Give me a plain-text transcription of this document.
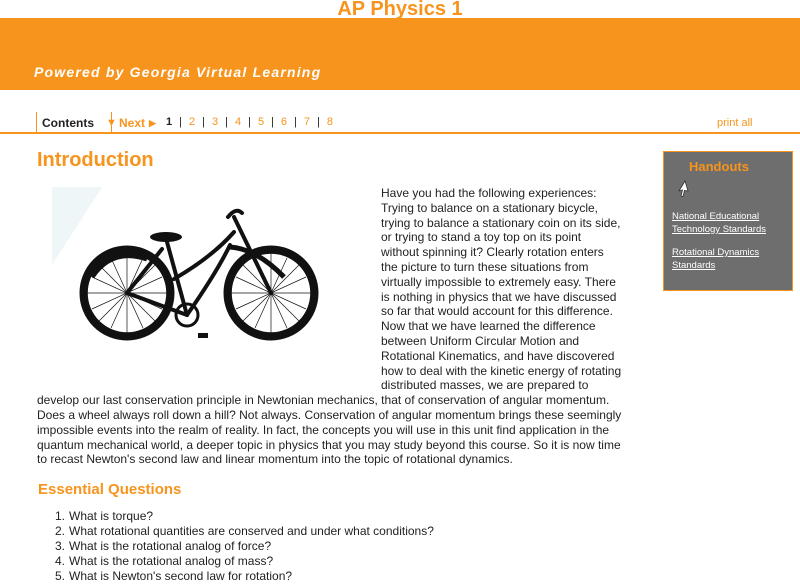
AP Physics 1
Powered by Georgia Virtual Learning
Contents ▼ Next ▶ 1 | 2 | 3 | 4 | 5 | 6 | 7 | 8	print all
Introduction
Have you had the following experiences: Trying to balance on a stationary bicycle, trying to balance a stationary coin on its side, or trying to stand a toy top on its point without spinning it? Clearly rotation enters the picture to turn these situations from virtually impossible to extremely easy. There is nothing in physics that we have discussed so far that would account for this difference. Now that we have learned the difference between Uniform Circular Motion and Rotational Kinematics, and have discovered how to deal with the kinetic energy of rotating distributed masses, we are prepared to develop our last conservation principle in Newtonian mechanics, that of conservation of angular momentum. Does a wheel always roll down a hill? Not always. Conservation of angular momentum brings these seemingly impossible events into the realm of reality. In fact, the concepts you will use in this unit find application in the quantum mechanical world, a deeper topic in physics that you may study beyond this course. So it is now time to recast Newton's second law and linear momentum into the topic of rotational dynamics.
Essential Questions
1. What is torque?
2. What rotational quantities are conserved and under what conditions?
3. What is the rotational analog of force?
4. What is the rotational analog of mass?
5. What is Newton's second law for rotation?
Handouts
National Educational Technology Standards
Rotational Dynamics Standards
